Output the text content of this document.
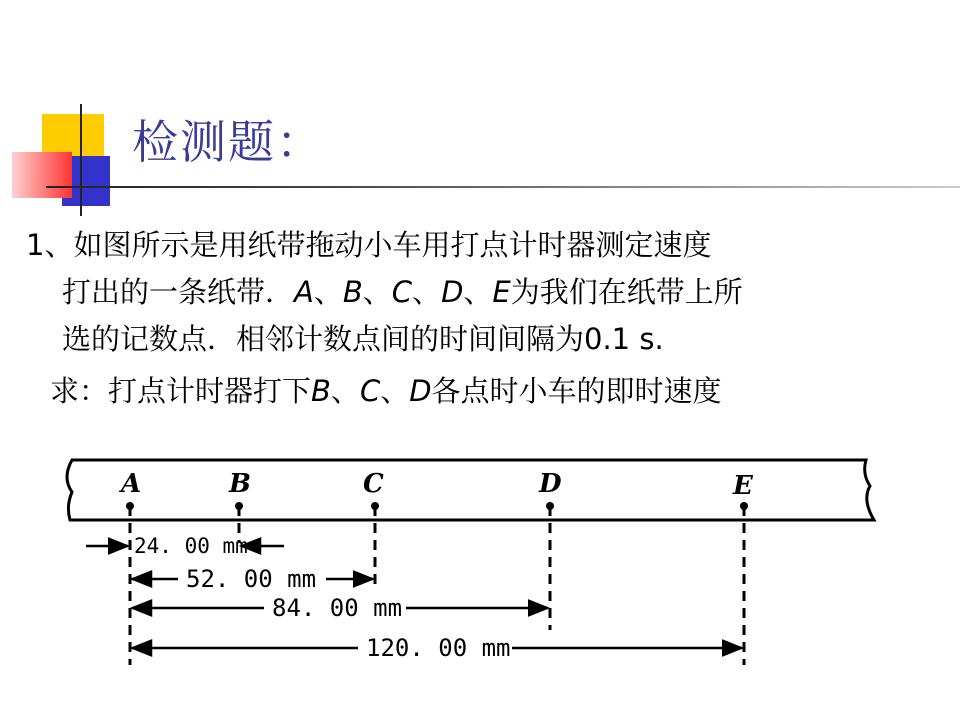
检测题：
1、如图所示是用纸带拖动小车用打点计时器测定速度
打出的一条纸带．A、B、C、D、E为我们在纸带上所
选的记数点．相邻计数点间的时间间隔为0.1 s.
求：打点计时器打下B、C、D各点时小车的即时速度
A	B	C	D	E
24. 00 mm
52. 00 mm
84. 00 mm
120. 00 mm
